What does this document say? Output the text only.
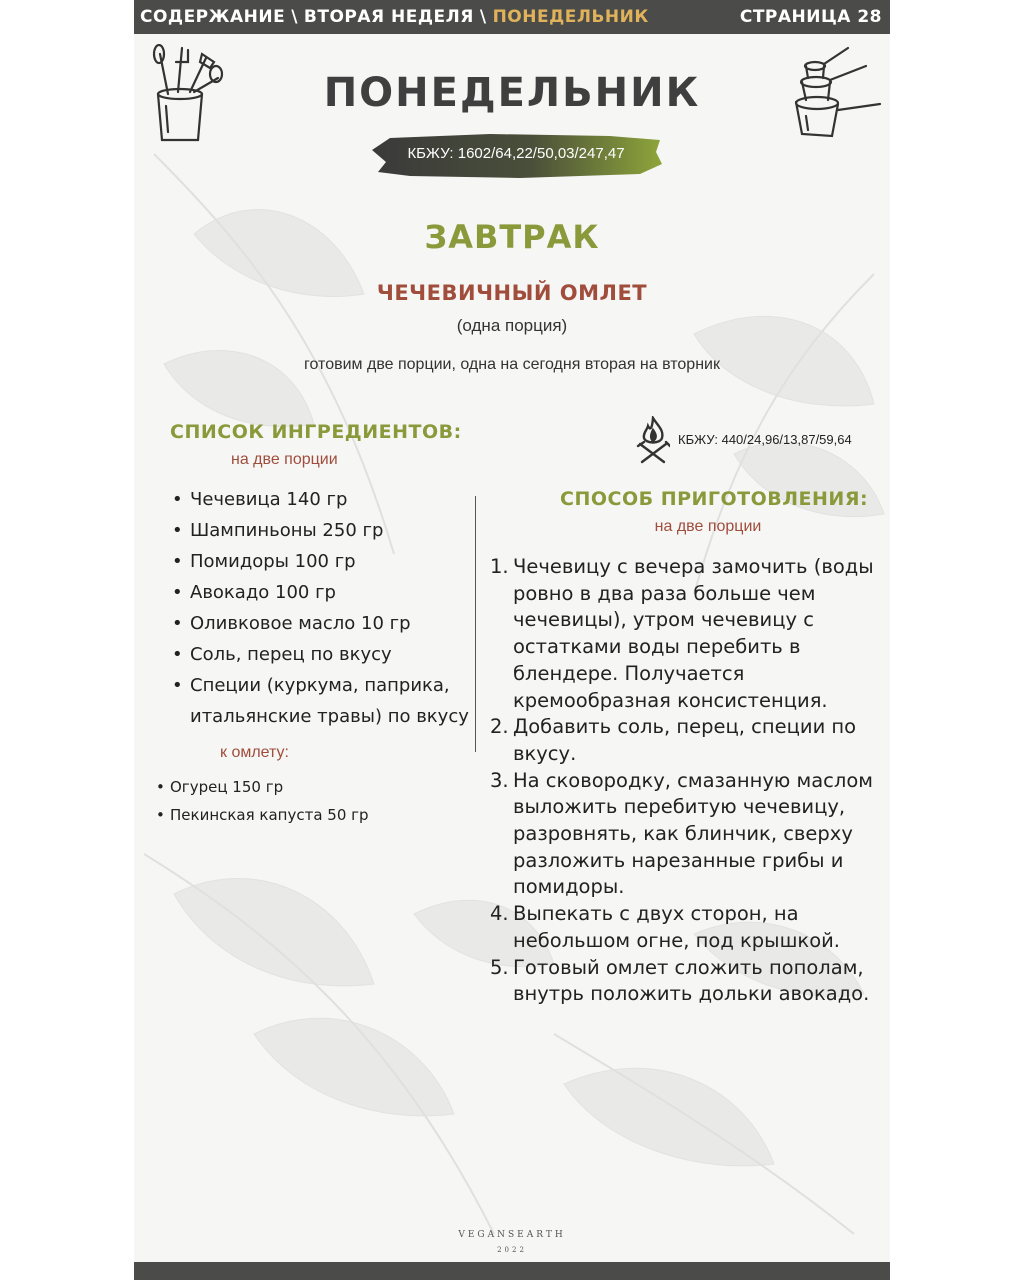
СОДЕРЖАНИЕ \ ВТОРАЯ НЕДЕЛЯ \ ПОНЕДЕЛЬНИК	СТРАНИЦА 28
ПОНЕДЕЛЬНИК
КБЖУ: 1602/64,22/50,03/247,47
ЗАВТРАК
ЧЕЧЕВИЧНЫЙ ОМЛЕТ
(одна порция)
готовим две порции, одна на сегодня вторая на вторник
СПИСОК ИНГРЕДИЕНТОВ:
на две порции
• Чечевица 140 гр
• Шампиньоны 250 гр
• Помидоры 100 гр
• Авокадо 100 гр
• Оливковое масло 10 гр
• Соль, перец по вкусу
• Специи (куркума, паприка, итальянские травы) по вкусу
к омлету:
• Огурец 150 гр
• Пекинская капуста 50 гр
КБЖУ: 440/24,96/13,87/59,64
СПОСОБ ПРИГОТОВЛЕНИЯ:
на две порции
1. Чечевицу с вечера замочить (воды ровно в два раза больше чем чечевицы), утром чечевицу с остатками воды перебить в блендере. Получается кремообразная консистенция.
2. Добавить соль, перец, специи по вкусу.
3. На сковородку, смазанную маслом выложить перебитую чечевицу, разровнять, как блинчик, сверху разложить нарезанные грибы и помидоры.
4. Выпекать с двух сторон, на небольшом огне, под крышкой.
5. Готовый омлет сложить пополам, внутрь положить дольки авокадо.
VEGANSEARTH
2022
